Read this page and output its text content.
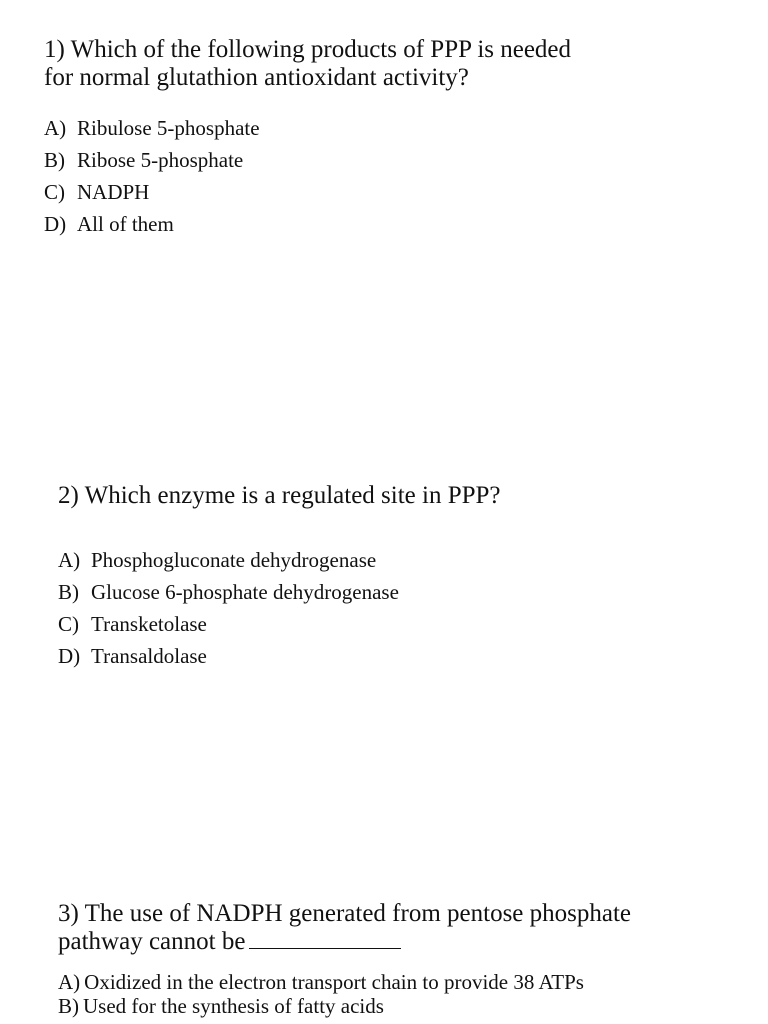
1) Which of the following products of PPP is needed
for normal glutathion antioxidant activity?

A) Ribulose 5-phosphate
B) Ribose 5-phosphate
C) NADPH
D) All of them

2) Which enzyme is a regulated site in PPP?

A) Phosphogluconate dehydrogenase
B) Glucose 6-phosphate dehydrogenase
C) Transketolase
D) Transaldolase

3) The use of NADPH generated from pentose phosphate
pathway cannot be

A) Oxidized in the electron transport chain to provide 38 ATPs
B) Used for the synthesis of fatty acids
